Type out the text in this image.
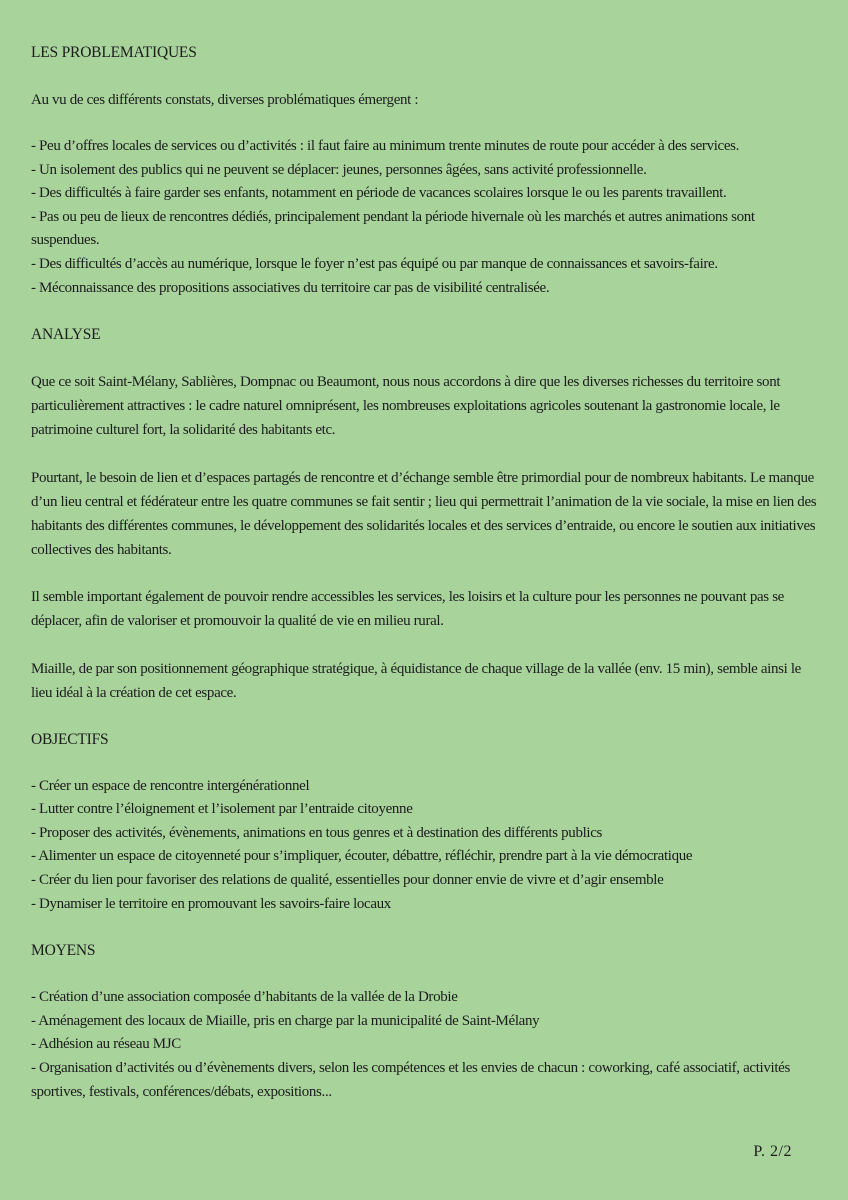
LES PROBLEMATIQUES

Au vu de ces différents constats, diverses problématiques émergent :

- Peu d’offres locales de services ou d’activités : il faut faire au minimum trente minutes de route pour accéder à des services.
- Un isolement des publics qui ne peuvent se déplacer: jeunes, personnes âgées, sans activité professionnelle.
- Des difficultés à faire garder ses enfants, notamment en période de vacances scolaires lorsque le ou les parents travaillent.
- Pas ou peu de lieux de rencontres dédiés, principalement pendant la période hivernale où les marchés et autres animations sont suspendues.
- Des difficultés d’accès au numérique, lorsque le foyer n’est pas équipé ou par manque de connaissances et savoirs-faire.
- Méconnaissance des propositions associatives du territoire car pas de visibilité centralisée.
ANALYSE

Que ce soit Saint-Mélany, Sablières, Dompnac ou Beaumont, nous nous accordons à dire que les diverses richesses du territoire sont particulièrement attractives : le cadre naturel omniprésent, les nombreuses exploitations agricoles soutenant la gastronomie locale, le patrimoine culturel fort, la solidarité des habitants etc.

Pourtant, le besoin de lien et d’espaces partagés de rencontre et d’échange semble être primordial pour de nombreux habitants. Le manque d’un lieu central et fédérateur entre les quatre communes se fait sentir ; lieu qui permettrait l’animation de la vie sociale, la mise en lien des habitants des différentes communes, le développement des solidarités locales et des services d’entraide, ou encore le soutien aux initiatives collectives des habitants.

Il semble important également de pouvoir rendre accessibles les services, les loisirs et la culture pour les personnes ne pouvant pas se déplacer, afin de valoriser et promouvoir la qualité de vie en milieu rural.

Miaille, de par son positionnement géographique stratégique, à équidistance de chaque village de la vallée (env. 15 min), semble ainsi le lieu idéal à la création de cet espace.

OBJECTIFS
- Créer un espace de rencontre intergénérationnel
- Lutter contre l’éloignement et l’isolement par l’entraide citoyenne
- Proposer des activités, évènements, animations en tous genres et à destination des différents publics
- Alimenter un espace de citoyenneté pour s’impliquer, écouter, débattre, réfléchir, prendre part à la vie démocratique
- Créer du lien pour favoriser des relations de qualité, essentielles pour donner envie de vivre et d’agir ensemble
- Dynamiser le territoire en promouvant les savoirs-faire locaux
MOYENS
- Création d’une association composée d’habitants de la vallée de la Drobie
- Aménagement des locaux de Miaille, pris en charge par la municipalité de Saint-Mélany
- Adhésion au réseau MJC
- Organisation d’activités ou d’évènements divers, selon les compétences et les envies de chacun : coworking, café associatif, activités sportives, festivals, conférences/débats, expositions...
P. 2/2
